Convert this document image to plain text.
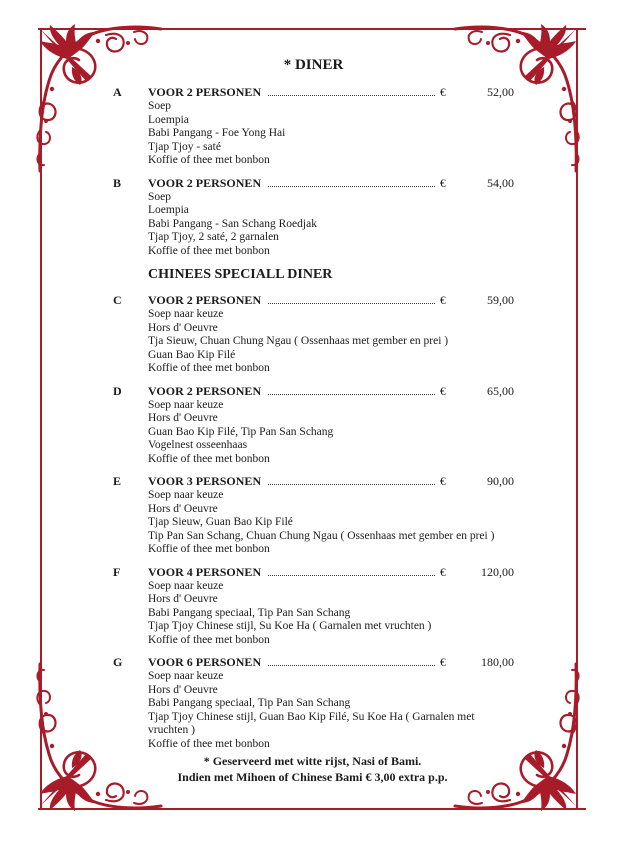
* DINER
A	VOOR 2 PERSONEN	€	52,00
Soep
Loempia
Babi Pangang - Foe Yong Hai
Tjap Tjoy - saté
Koffie of thee met bonbon
B	VOOR 2 PERSONEN	€	54,00
Soep
Loempia
Babi Pangang - San Schang Roedjak
Tjap Tjoy, 2 saté, 2 garnalen
Koffie of thee met bonbon
CHINEES SPECIALL DINER
C	VOOR 2 PERSONEN	€	59,00
Soep naar keuze
Hors d' Oeuvre
Tja Sieuw, Chuan Chung Ngau ( Ossenhaas met gember en prei )
Guan Bao Kip Filé
Koffie of thee met bonbon
D	VOOR 2 PERSONEN	€	65,00
Soep naar keuze
Hors d' Oeuvre
Guan Bao Kip Filé, Tip Pan San Schang
Vogelnest osseenhaas
Koffie of thee met bonbon
E	VOOR 3 PERSONEN	€	90,00
Soep naar keuze
Hors d' Oeuvre
Tjap Sieuw, Guan Bao Kip Filé
Tip Pan San Schang, Chuan Chung Ngau ( Ossenhaas met gember en prei )
Koffie of thee met bonbon
F	VOOR 4 PERSONEN	€	120,00
Soep naar keuze
Hors d' Oeuvre
Babi Pangang speciaal, Tip Pan San Schang
Tjap Tjoy Chinese stijl, Su Koe Ha ( Garnalen met vruchten )
Koffie of thee met bonbon
G	VOOR 6 PERSONEN	€	180,00
Soep naar keuze
Hors d' Oeuvre
Babi Pangang speciaal, Tip Pan San Schang
Tjap Tjoy Chinese stijl, Guan Bao Kip Filé, Su Koe Ha ( Garnalen met
vruchten )
Koffie of thee met bonbon
* Geserveerd met witte rijst, Nasi of Bami.
Indien met Mihoen of Chinese Bami € 3,00 extra p.p.
